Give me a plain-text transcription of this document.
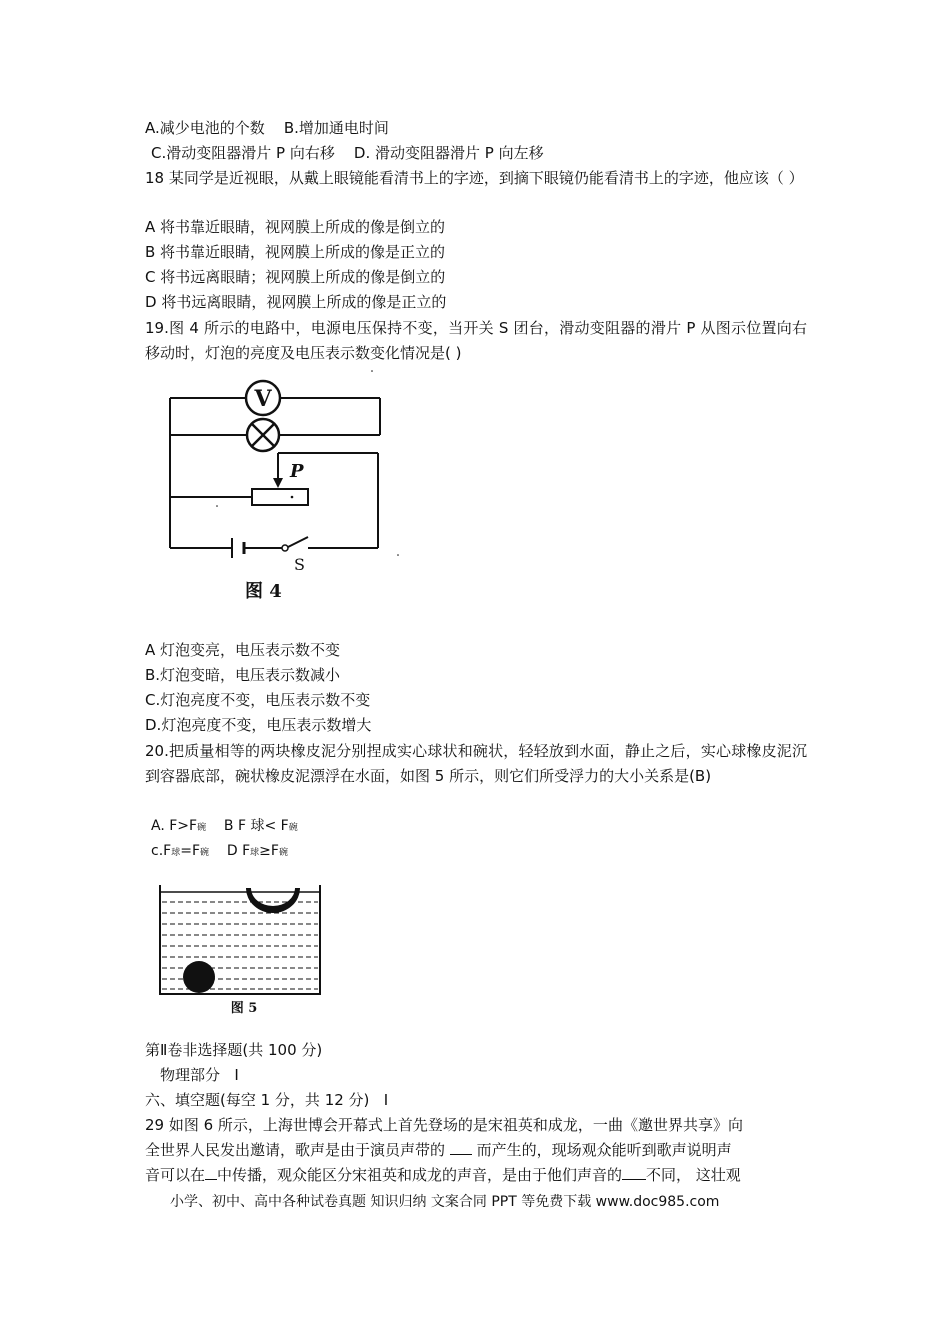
A.减少电池的个数 B.增加通电时间
C.滑动变阻器滑片 P 向右移 D. 滑动变阻器滑片 P 向左移
18 某同学是近视眼，从戴上眼镜能看清书上的字迹，到摘下眼镜仍能看清书上的字迹，他应该（ ）
A 将书靠近眼睛，视网膜上所成的像是倒立的
B 将书靠近眼睛，视网膜上所成的像是正立的
C 将书远离眼睛；视网膜上所成的像是倒立的
D 将书远离眼睛，视网膜上所成的像是正立的
19.图 4 所示的电路中，电源电压保持不变，当开关 S 团台，滑动变阻器的滑片 P 从图示位置向右移动时，灯泡的亮度及电压表示数变化情况是( )
V
P
S
图 4
A 灯泡变亮，电压表示数不变
B.灯泡变暗，电压表示数减小
C.灯泡亮度不变，电压表示数不变
D.灯泡亮度不变，电压表示数增大
20.把质量相等的两块橡皮泥分别捏成实心球状和碗状，轻轻放到水面，静止之后，实心球橡皮泥沉到容器底部，碗状橡皮泥漂浮在水面，如图 5 所示，则它们所受浮力的大小关系是(B)
A. F>F碗 B F 球< F碗
c.F球=F碗 D F球≥F碗
图 5
第Ⅱ卷非选择题(共 100 分)
物理部分 I
六、填空题(每空 1 分，共 12 分) I
29 如图 6 所示，上海世博会开幕式上首先登场的是宋祖英和成龙，一曲《邀世界共享》向
全世界人民发出邀请，歌声是由于演员声带的 而产生的，现场观众能听到歌声说明声
音可以在 中传播，观众能区分宋祖英和成龙的声音，是由于他们声音的 不同， 这壮观
小学、初中、高中各种试卷真题 知识归纳 文案合同 PPT 等免费下载 www.doc985.com
